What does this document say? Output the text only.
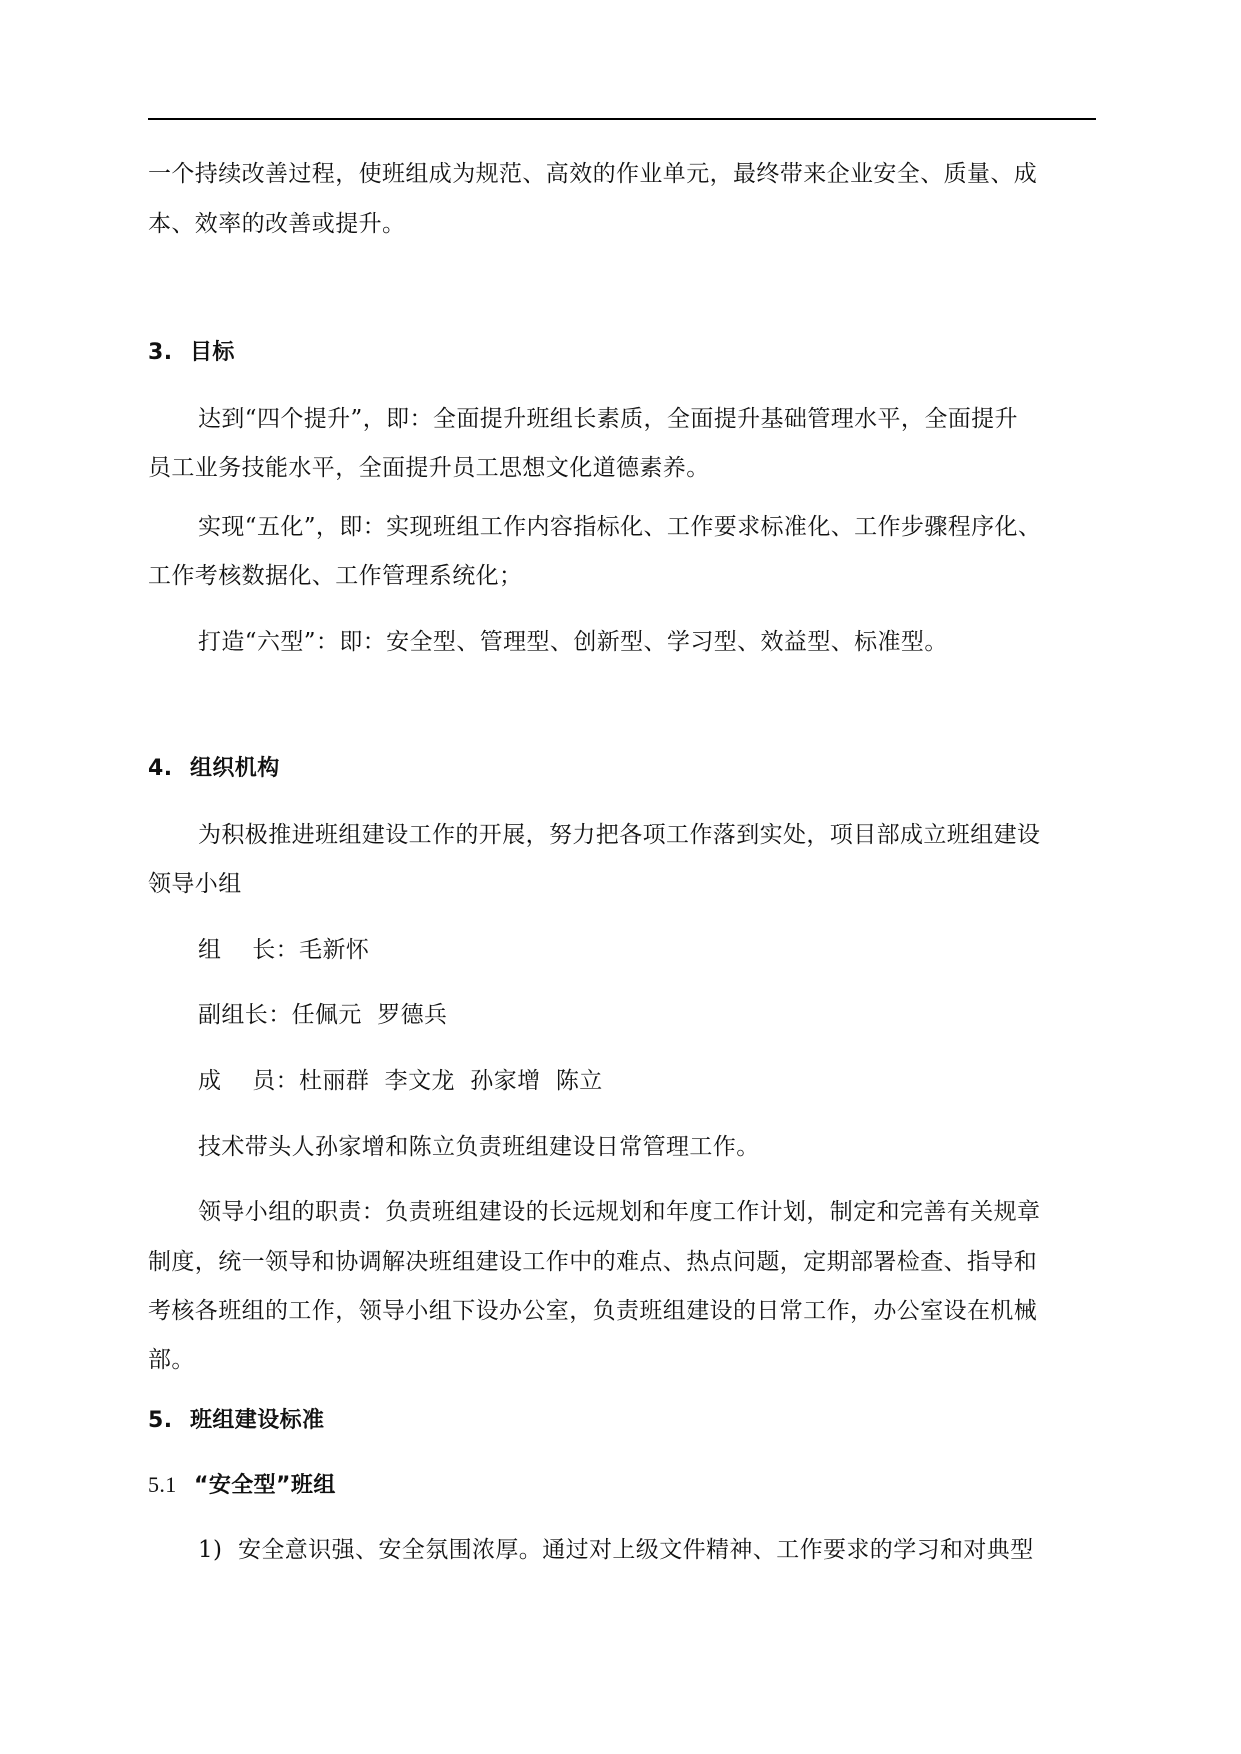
一个持续改善过程，使班组成为规范、高效的作业单元，最终带来企业安全、质量、成
本、效率的改善或提升。
3. 目标
达到“四个提升”，即：全面提升班组长素质，全面提升基础管理水平，全面提升
员工业务技能水平，全面提升员工思想文化道德素养。
实现“五化”，即：实现班组工作内容指标化、工作要求标准化、工作步骤程序化、
工作考核数据化、工作管理系统化；
打造“六型”：即：安全型、管理型、创新型、学习型、效益型、标准型。
4. 组织机构
为积极推进班组建设工作的开展，努力把各项工作落到实处，项目部成立班组建设
领导小组
组    长：毛新怀
副组长：任佩元  罗德兵
成    员：杜丽群  李文龙  孙家增  陈立
技术带头人孙家增和陈立负责班组建设日常管理工作。
领导小组的职责：负责班组建设的长远规划和年度工作计划，制定和完善有关规章
制度，统一领导和协调解决班组建设工作中的难点、热点问题，定期部署检查、指导和
考核各班组的工作，领导小组下设办公室，负责班组建设的日常工作，办公室设在机械
部。
5. 班组建设标准
5.1 “安全型”班组
1) 安全意识强、安全氛围浓厚。通过对上级文件精神、工作要求的学习和对典型
